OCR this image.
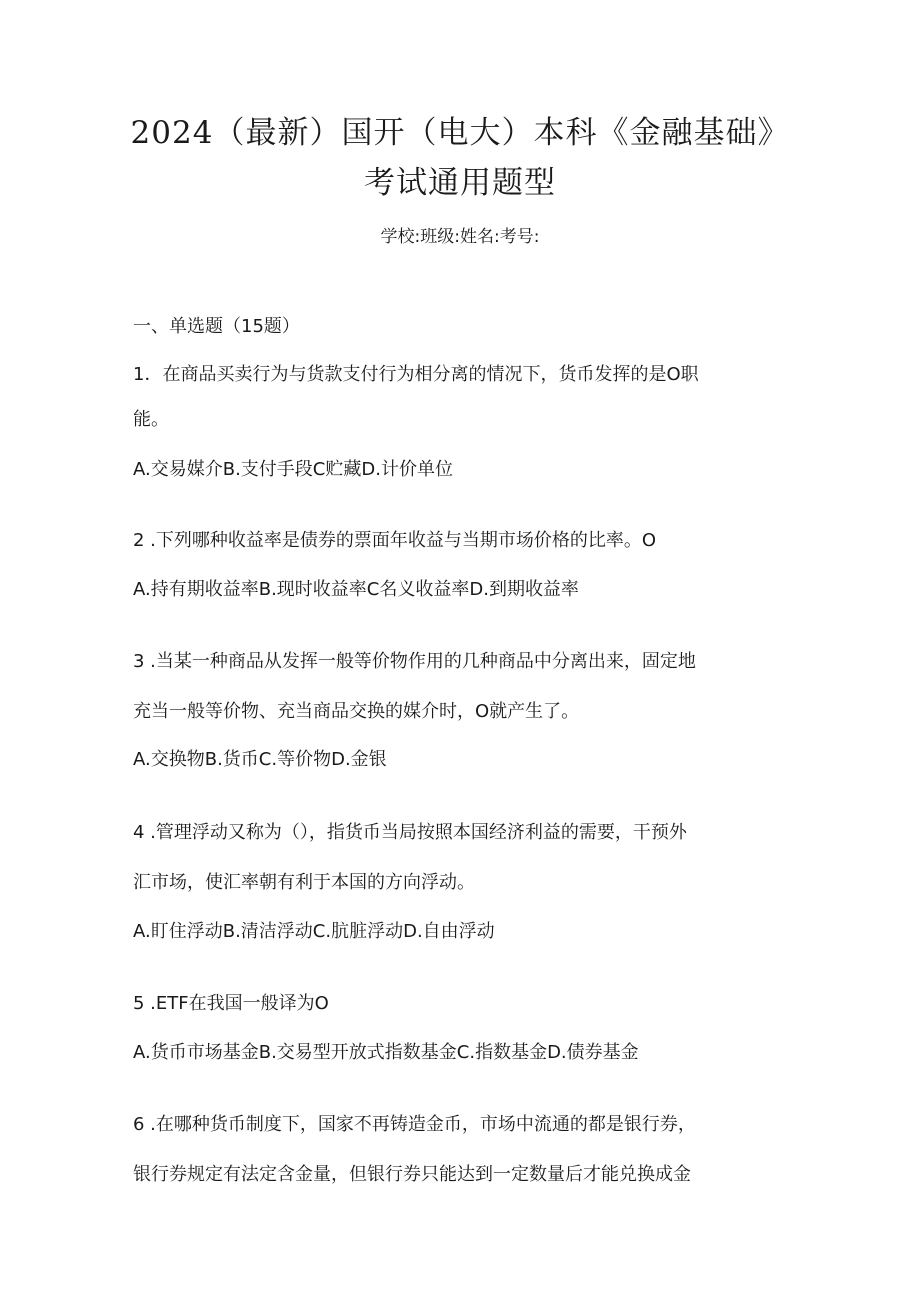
2024（最新）国开（电大）本科《金融基础》
考试通用题型
学校:班级:姓名:考号:
一、单选题（15题）
1．在商品买卖行为与货款支付行为相分离的情况下，货币发挥的是O职
能。
A.交易媒介B.支付手段C贮藏D.计价单位
2 .下列哪种收益率是债券的票面年收益与当期市场价格的比率。O
A.持有期收益率B.现时收益率C名义收益率D.到期收益率
3 .当某一种商品从发挥一般等价物作用的几种商品中分离出来，固定地
充当一般等价物、充当商品交换的媒介时，O就产生了。
A.交换物B.货币C.等价物D.金银
4 .管理浮动又称为（），指货币当局按照本国经济利益的需要，干预外
汇市场，使汇率朝有利于本国的方向浮动。
A.盯住浮动B.清洁浮动C.肮脏浮动D.自由浮动
5 .ETF在我国一般译为O
A.货币市场基金B.交易型开放式指数基金C.指数基金D.债券基金
6 .在哪种货币制度下，国家不再铸造金币，市场中流通的都是银行券，
银行券规定有法定含金量，但银行券只能达到一定数量后才能兑换成金
